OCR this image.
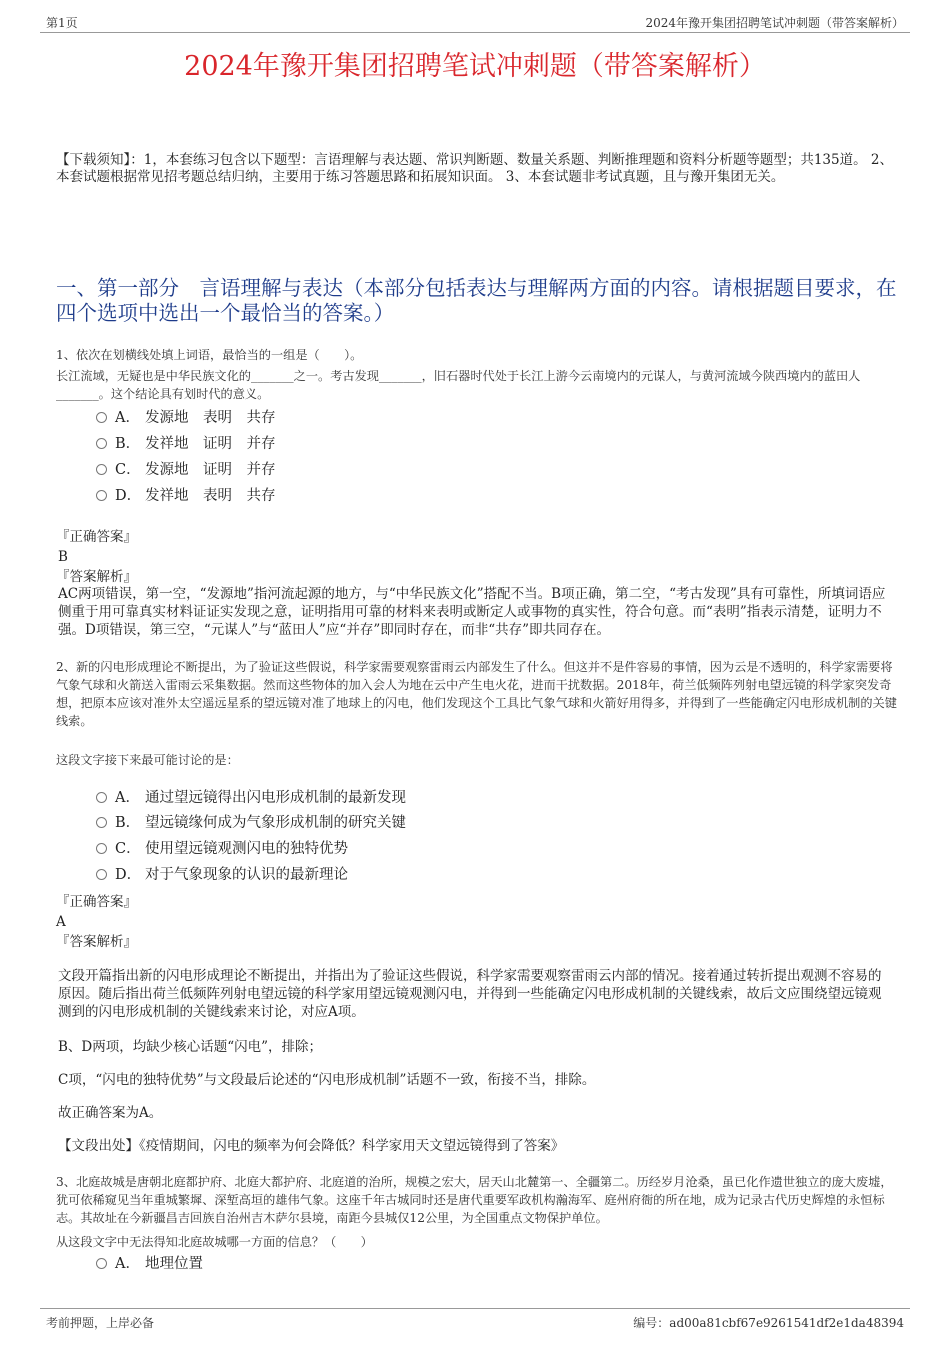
第1页	2024年豫开集团招聘笔试冲刺题（带答案解析）
2024年豫开集团招聘笔试冲刺题（带答案解析）
【下载须知】：1，本套练习包含以下题型：言语理解与表达题、常识判断题、数量关系题、判断推理题和资料分析题等题型；共135道。 2、本套试题根据常见招考题总结归纳，主要用于练习答题思路和拓展知识面。 3、本套试题非考试真题，且与豫开集团无关。
一、第一部分　言语理解与表达（本部分包括表达与理解两方面的内容。请根据题目要求，在四个选项中选出一个最恰当的答案。）
1、依次在划横线处填上词语，最恰当的一组是（　　）。
长江流域，无疑也是中华民族文化的_______之一。考古发现_______，旧石器时代处于长江上游今云南境内的元谋人，与黄河流域今陕西境内的蓝田人_______。这个结论具有划时代的意义。
A． 发源地　表明　共存
B． 发祥地　证明　并存
C． 发源地　证明　并存
D． 发祥地　表明　共存
『正确答案』
B
『答案解析』
AC两项错误，第一空，“发源地”指河流起源的地方，与“中华民族文化”搭配不当。B项正确，第二空，“考古发现”具有可靠性，所填词语应侧重于用可靠真实材料证证实发现之意，证明指用可靠的材料来表明或断定人或事物的真实性，符合句意。而“表明”指表示清楚，证明力不强。D项错误，第三空，“元谋人”与“蓝田人”应“并存”即同时存在，而非“共存”即共同存在。
2、新的闪电形成理论不断提出，为了验证这些假说，科学家需要观察雷雨云内部发生了什么。但这并不是件容易的事情，因为云是不透明的，科学家需要将气象气球和火箭送入雷雨云采集数据。然而这些物体的加入会人为地在云中产生电火花，进而干扰数据。2018年，荷兰低频阵列射电望远镜的科学家突发奇想，把原本应该对准外太空遥远星系的望远镜对准了地球上的闪电，他们发现这个工具比气象气球和火箭好用得多，并得到了一些能确定闪电形成机制的关键线索。
这段文字接下来最可能讨论的是：
A． 通过望远镜得出闪电形成机制的最新发现
B． 望远镜缘何成为气象形成机制的研究关键
C． 使用望远镜观测闪电的独特优势
D． 对于气象现象的认识的最新理论
『正确答案』
A
『答案解析』
文段开篇指出新的闪电形成理论不断提出，并指出为了验证这些假说，科学家需要观察雷雨云内部的情况。接着通过转折提出观测不容易的原因。随后指出荷兰低频阵列射电望远镜的科学家用望远镜观测闪电，并得到一些能确定闪电形成机制的关键线索，故后文应围绕望远镜观测到的闪电形成机制的关键线索来讨论，对应A项。
B、D两项，均缺少核心话题“闪电”，排除；
C项，“闪电的独特优势”与文段最后论述的“闪电形成机制”话题不一致，衔接不当，排除。
故正确答案为A。
【文段出处】《疫情期间，闪电的频率为何会降低？科学家用天文望远镜得到了答案》
3、北庭故城是唐朝北庭都护府、北庭大都护府、北庭道的治所，规模之宏大，居天山北麓第一、全疆第二。历经岁月沧桑，虽已化作遗世独立的庞大废墟，犹可依稀窥见当年重城繁墀、深堑高垣的雄伟气象。这座千年古城同时还是唐代重要军政机构瀚海军、庭州府衙的所在地，成为记录古代历史辉煌的永恒标志。其故址在今新疆昌吉回族自治州吉木萨尔县境，南距今县城仅12公里，为全国重点文物保护单位。
从这段文字中无法得知北庭故城哪一方面的信息？（　　）
A． 地理位置
考前押题，上岸必备	编号：ad00a81cbf67e9261541df2e1da48394
